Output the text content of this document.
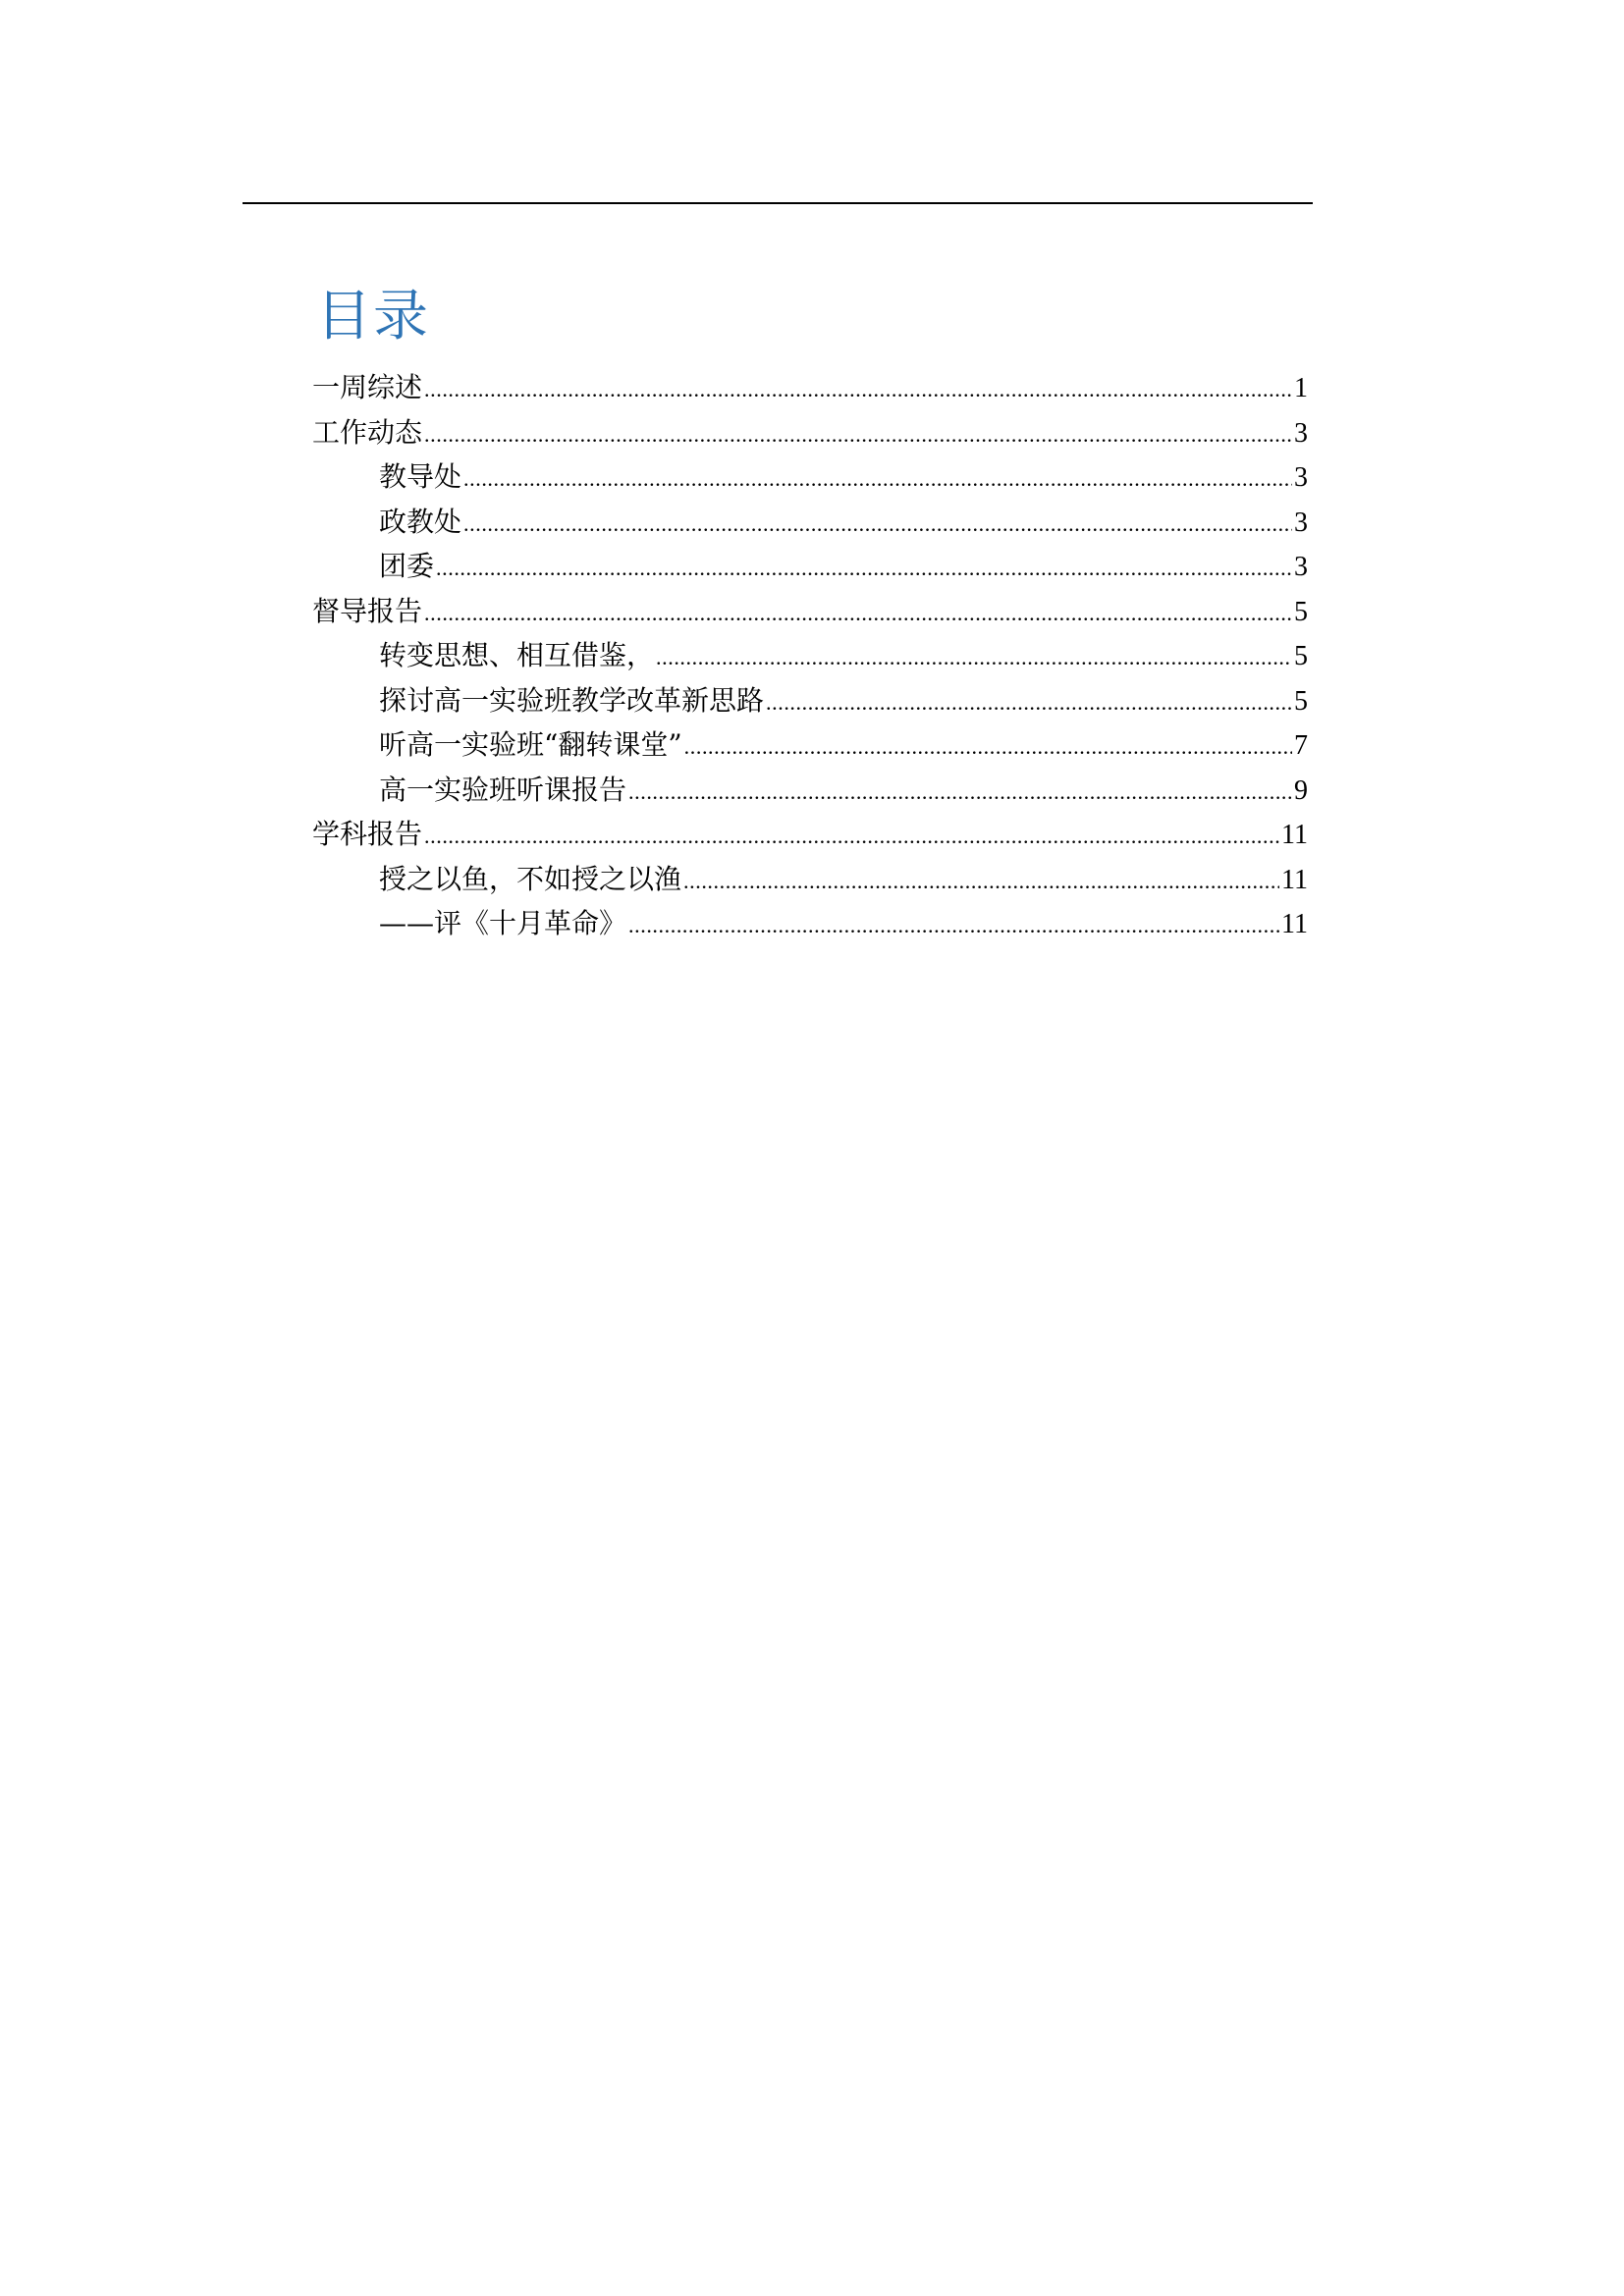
目录
一周综述 .....	1
工作动态 .....	3
教导处 .....	3
政教处 .....	3
团委 .....	3
督导报告 .....	5
转变思想、相互借鉴， .....	5
探讨高一实验班教学改革新思路 .....	5
听高一实验班“翻转课堂” .....	7
高一实验班听课报告 .....	9
学科报告 .....	11
授之以鱼，不如授之以渔 .....	11
——评《十月革命》 .....	11
